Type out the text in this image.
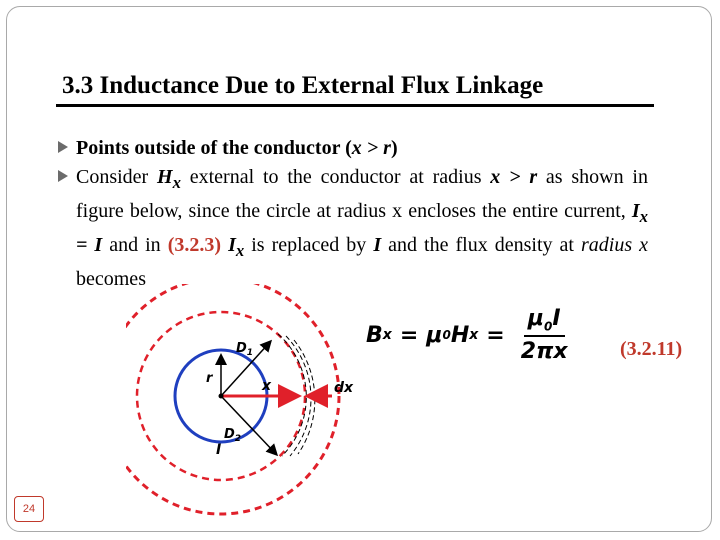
3.3 Inductance Due to External Flux Linkage
Points outside of the conductor (x > r)
Consider $H_x$ external to the conductor at radius x > r as shown in figure below, since the circle at radius x encloses the entire current, $I_x = I$ and in (3.2.3) $I_x$ is replaced by I and the flux density at radius x becomes
$D_1$
$D_2$
r	x	dx
I
B x = μ 0 H $x = \frac{\mu_0I}{2\pi x}$	(3.2.11)
24
